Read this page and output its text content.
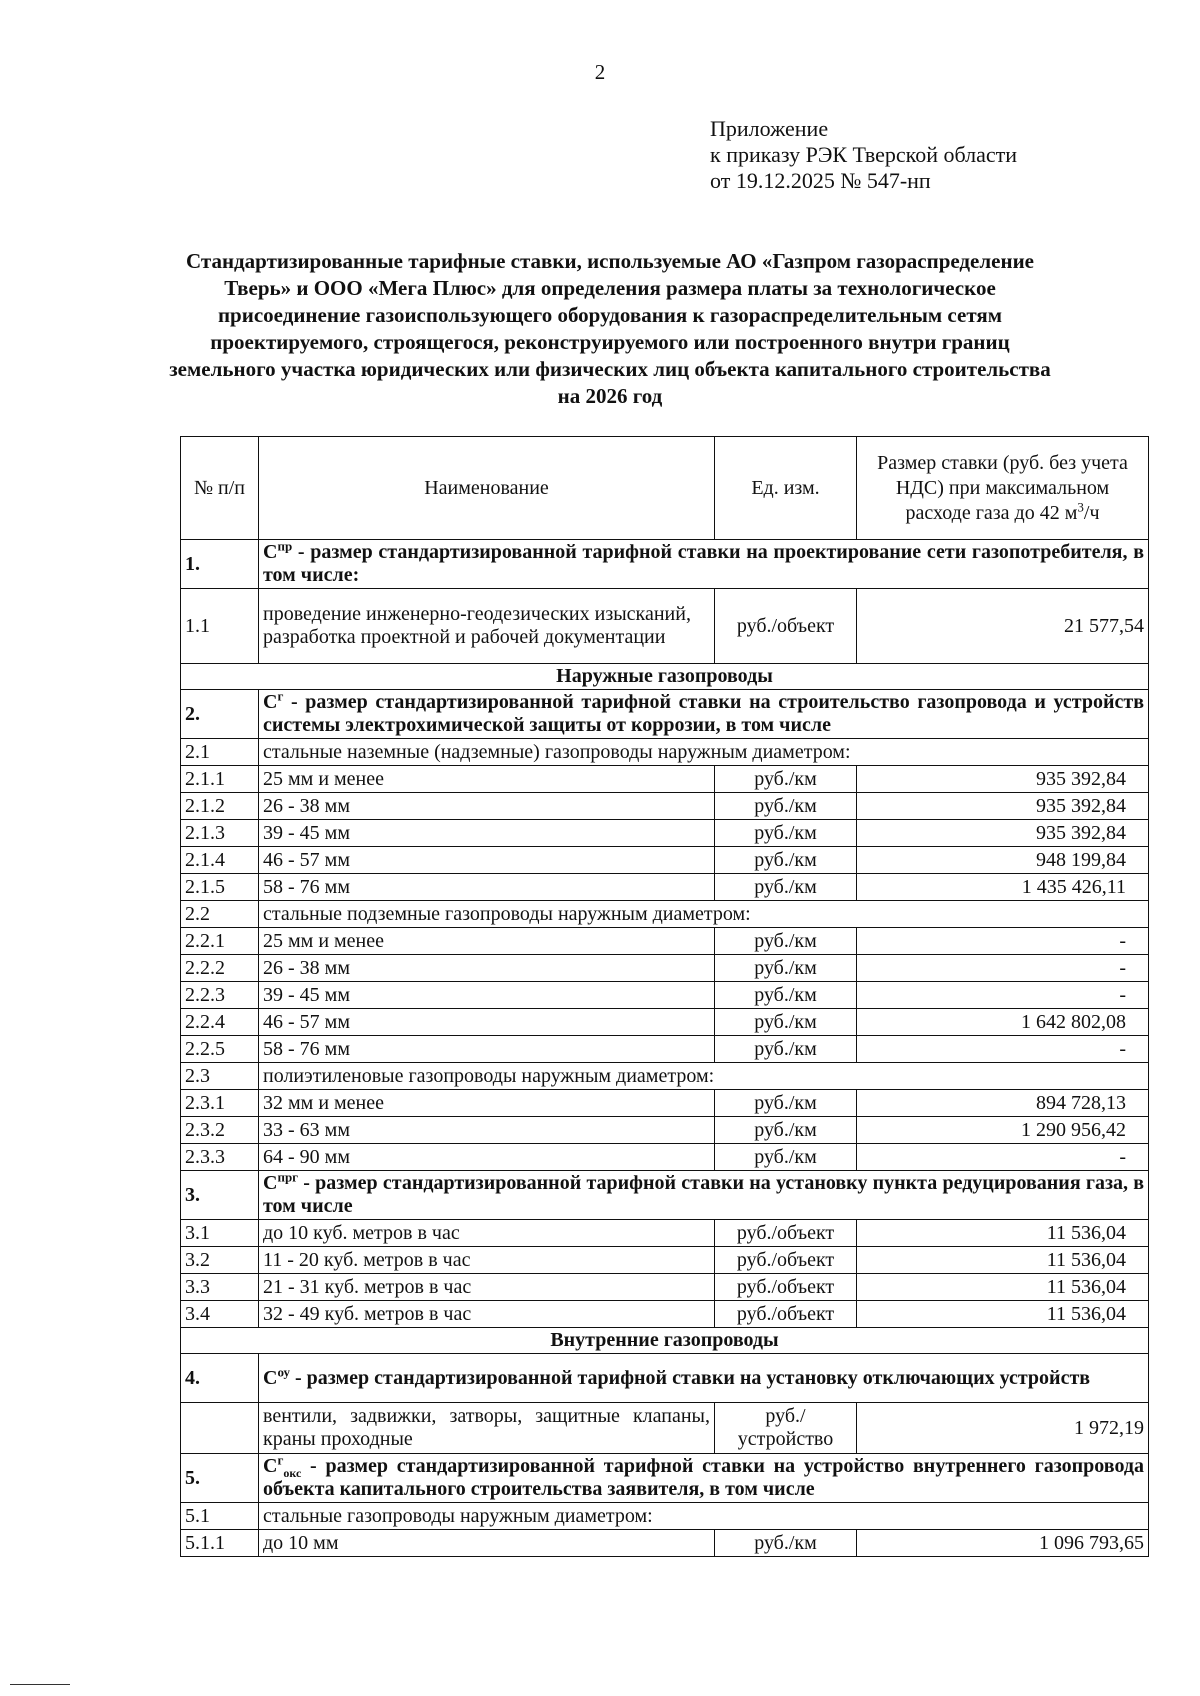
2
Приложение
к приказу РЭК Тверской области
от 19.12.2025 № 547-нп
Стандартизированные тарифные ставки, используемые АО «Газпром газораспределение Тверь» и ООО «Мега Плюс» для определения размера платы за технологическое присоединение газоиспользующего оборудования к газораспределительным сетям проектируемого, строящегося, реконструируемого или построенного внутри границ земельного участка юридических или физических лиц объекта капитального строительства на 2026 год
№ п/п	Наименование	Ед. изм.	Размер ставки (руб. без учета НДС) при максимальном расходе газа до 42 $м^3/ч$
1.	$С^{пр}$ - размер стандартизированной тарифной ставки на проектирование сети газопотребителя, в том числе:		
1.1	проведение инженерно-геодезических изысканий, разработка проектной и рабочей документации	руб./объект	21 577,54
Наружные газопроводы			
2.	$С^г$ - размер стандартизированной тарифной ставки на строительство газопровода и устройств системы электрохимической защиты от коррозии, в том числе		
2.1	стальные наземные (надземные) газопроводы наружным диаметром:		
2.1.1	25 мм и менее	руб./км	935 392,84
2.1.2	26 - 38 мм	руб./км	935 392,84
2.1.3	39 - 45 мм	руб./км	935 392,84
2.1.4	46 - 57 мм	руб./км	948 199,84
2.1.5	58 - 76 мм	руб./км	1 435 426,11
2.2	стальные подземные газопроводы наружным диаметром:		
2.2.1	25 мм и менее	руб./км	-
2.2.2	26 - 38 мм	руб./км	-
2.2.3	39 - 45 мм	руб./км	-
2.2.4	46 - 57 мм	руб./км	1 642 802,08
2.2.5	58 - 76 мм	руб./км	-
2.3	полиэтиленовые газопроводы наружным диаметром:		
2.3.1	32 мм и менее	руб./км	894 728,13
2.3.2	33 - 63 мм	руб./км	1 290 956,42
2.3.3	64 - 90 мм	руб./км	-
3.	$С^{прг}$ - размер стандартизированной тарифной ставки на установку пункта редуцирования газа, в том числе		
3.1	до 10 куб. метров в час	руб./объект	11 536,04
3.2	11 - 20 куб. метров в час	руб./объект	11 536,04
3.3	21 - 31 куб. метров в час	руб./объект	11 536,04
3.4	32 - 49 куб. метров в час	руб./объект	11 536,04
Внутренние газопроводы			
4.	$С^{оу}$ - размер стандартизированной тарифной ставки на установку отключающих устройств		
	вентили, задвижки, затворы, защитные клапаны, краны проходные	руб./ устройство	1 972,19
5.	$С^г_{окс}$ - размер стандартизированной тарифной ставки на устройство внутреннего газопровода объекта капитального строительства заявителя, в том числе		
5.1	стальные газопроводы наружным диаметром:		
5.1.1	до 10 мм	руб./км	1 096 793,65
